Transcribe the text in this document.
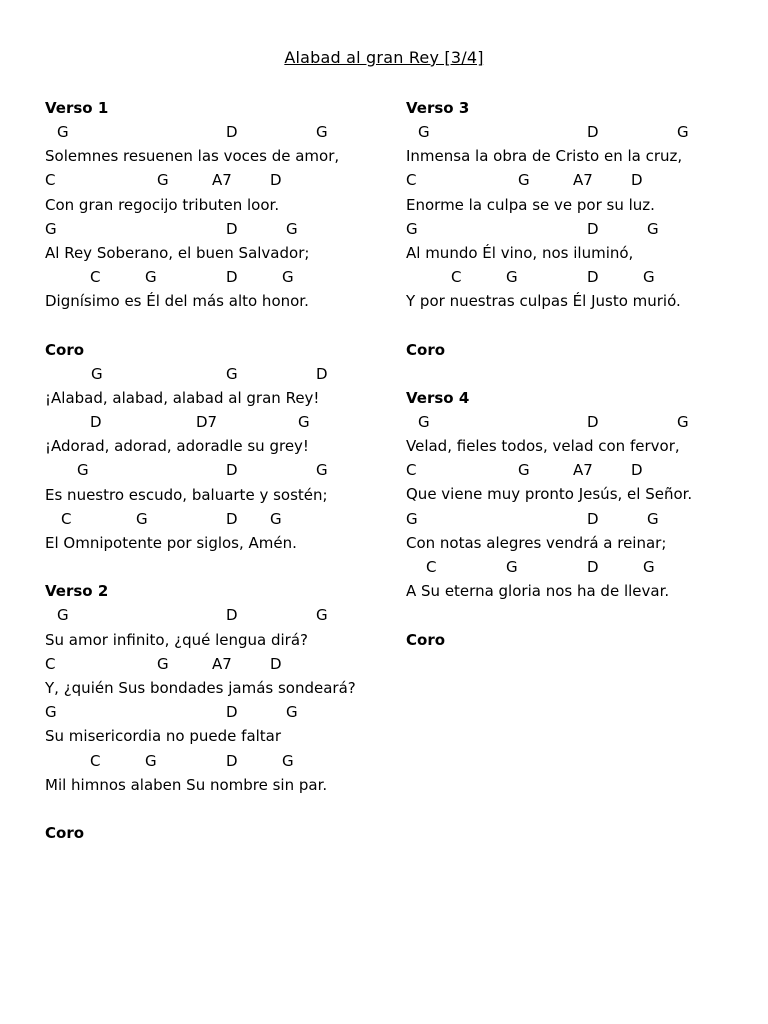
Alabad al gran Rey [3/4]
Verso 1
G	D	G
Solemnes resuenen las voces de amor,
C	G	A7	D
Con gran regocijo tributen loor.
G	D	G
Al Rey Soberano, el buen Salvador;
C	G	D	G
Dignísimo es Él del más alto honor.
Coro
G	G	D
¡Alabad, alabad, alabad al gran Rey!
D	D7	G
¡Adorad, adorad, adoradle su grey!
G	D	G
Es nuestro escudo, baluarte y sostén;
C	G	D G
El Omnipotente por siglos, Amén.
Verso 2
G	D	G
Su amor infinito, ¿qué lengua dirá?
C	G	A7	D
Y, ¿quién Sus bondades jamás sondeará?
G	D	G
Su misericordia no puede faltar
C	G	D	G
Mil himnos alaben Su nombre sin par.
Coro
Verso 3
G	D	G
Inmensa la obra de Cristo en la cruz,
C	G	A7	D
Enorme la culpa se ve por su luz.
G	D	G
Al mundo Él vino, nos iluminó,
C	G	D	G
Y por nuestras culpas Él Justo murió.
Coro
Verso 4
G	D	G
Velad, fieles todos, velad con fervor,
C	G	A7	D
Que viene muy pronto Jesús, el Señor.
G	D	G
Con notas alegres vendrá a reinar;
C	G	D	G
A Su eterna gloria nos ha de llevar.
Coro
